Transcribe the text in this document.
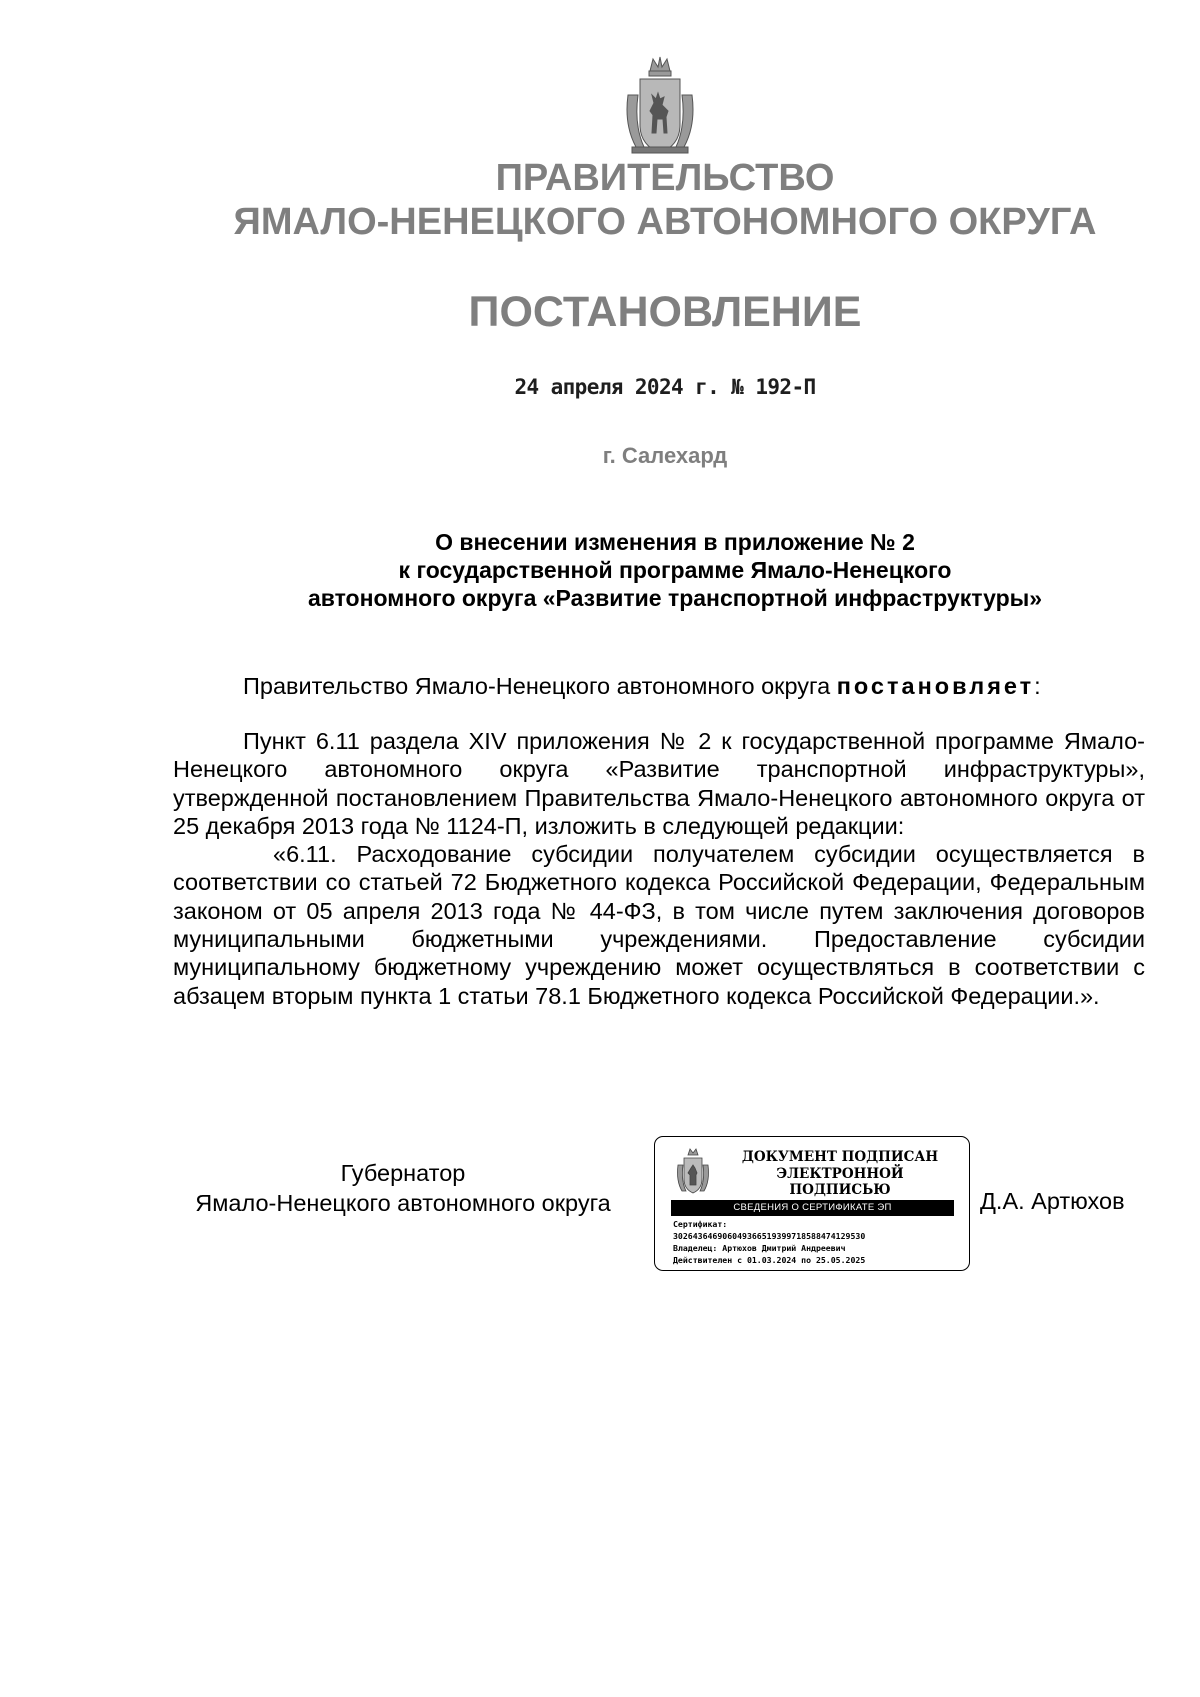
ПРАВИТЕЛЬСТВО
ЯМАЛО-НЕНЕЦКОГО АВТОНОМНОГО ОКРУГА
ПОСТАНОВЛЕНИЕ
24 апреля 2024 г. № 192-П
г. Салехард
О внесении изменения в приложение № 2
к государственной программе Ямало-Ненецкого
автономного округа «Развитие транспортной инфраструктуры»
Правительство Ямало-Ненецкого автономного округа постановляет:

Пункт 6.11 раздела XIV приложения № 2 к государственной программе Ямало-Ненецкого автономного округа «Развитие транспортной инфраструктуры», утвержденной постановлением Правительства Ямало-Ненецкого автономного округа от 25 декабря 2013 года № 1124-П, изложить в следующей редакции:

«6.11. Расходование субсидии получателем субсидии осуществляется в соответствии со статьей 72 Бюджетного кодекса Российской Федерации, Федеральным законом от 05 апреля 2013 года № 44-ФЗ, в том числе путем заключения договоров муниципальными бюджетными учреждениями. Предоставление субсидии муниципальному бюджетному учреждению может осуществляться в соответствии с абзацем вторым пункта 1 статьи 78.1 Бюджетного кодекса Российской Федерации.».

Губернатор
Ямало-Ненецкого автономного округа
ДОКУМЕНТ ПОДПИСАН
ЭЛЕКТРОННОЙ ПОДПИСЬЮ
СВЕДЕНИЯ О СЕРТИФИКАТЕ ЭП
Сертификат:
302643646906049366519399718588474129530
Владелец: Артюхов Дмитрий Андреевич
Действителен с 01.03.2024 по 25.05.2025
Д.А. Артюхов
